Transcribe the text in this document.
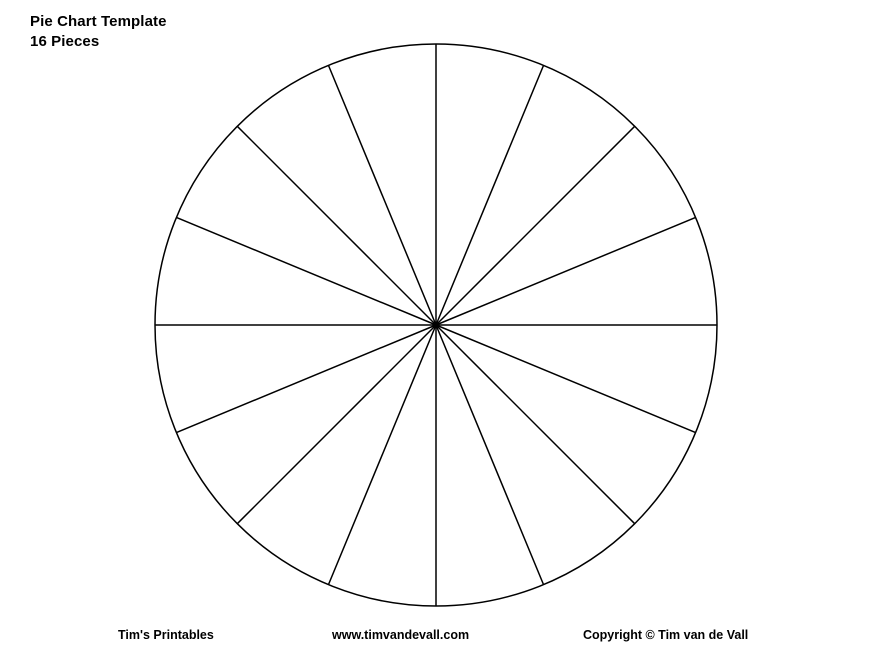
Pie Chart Template
16 Pieces
Tim's Printables	www.timvandevall.com	Copyright © Tim van de Vall
